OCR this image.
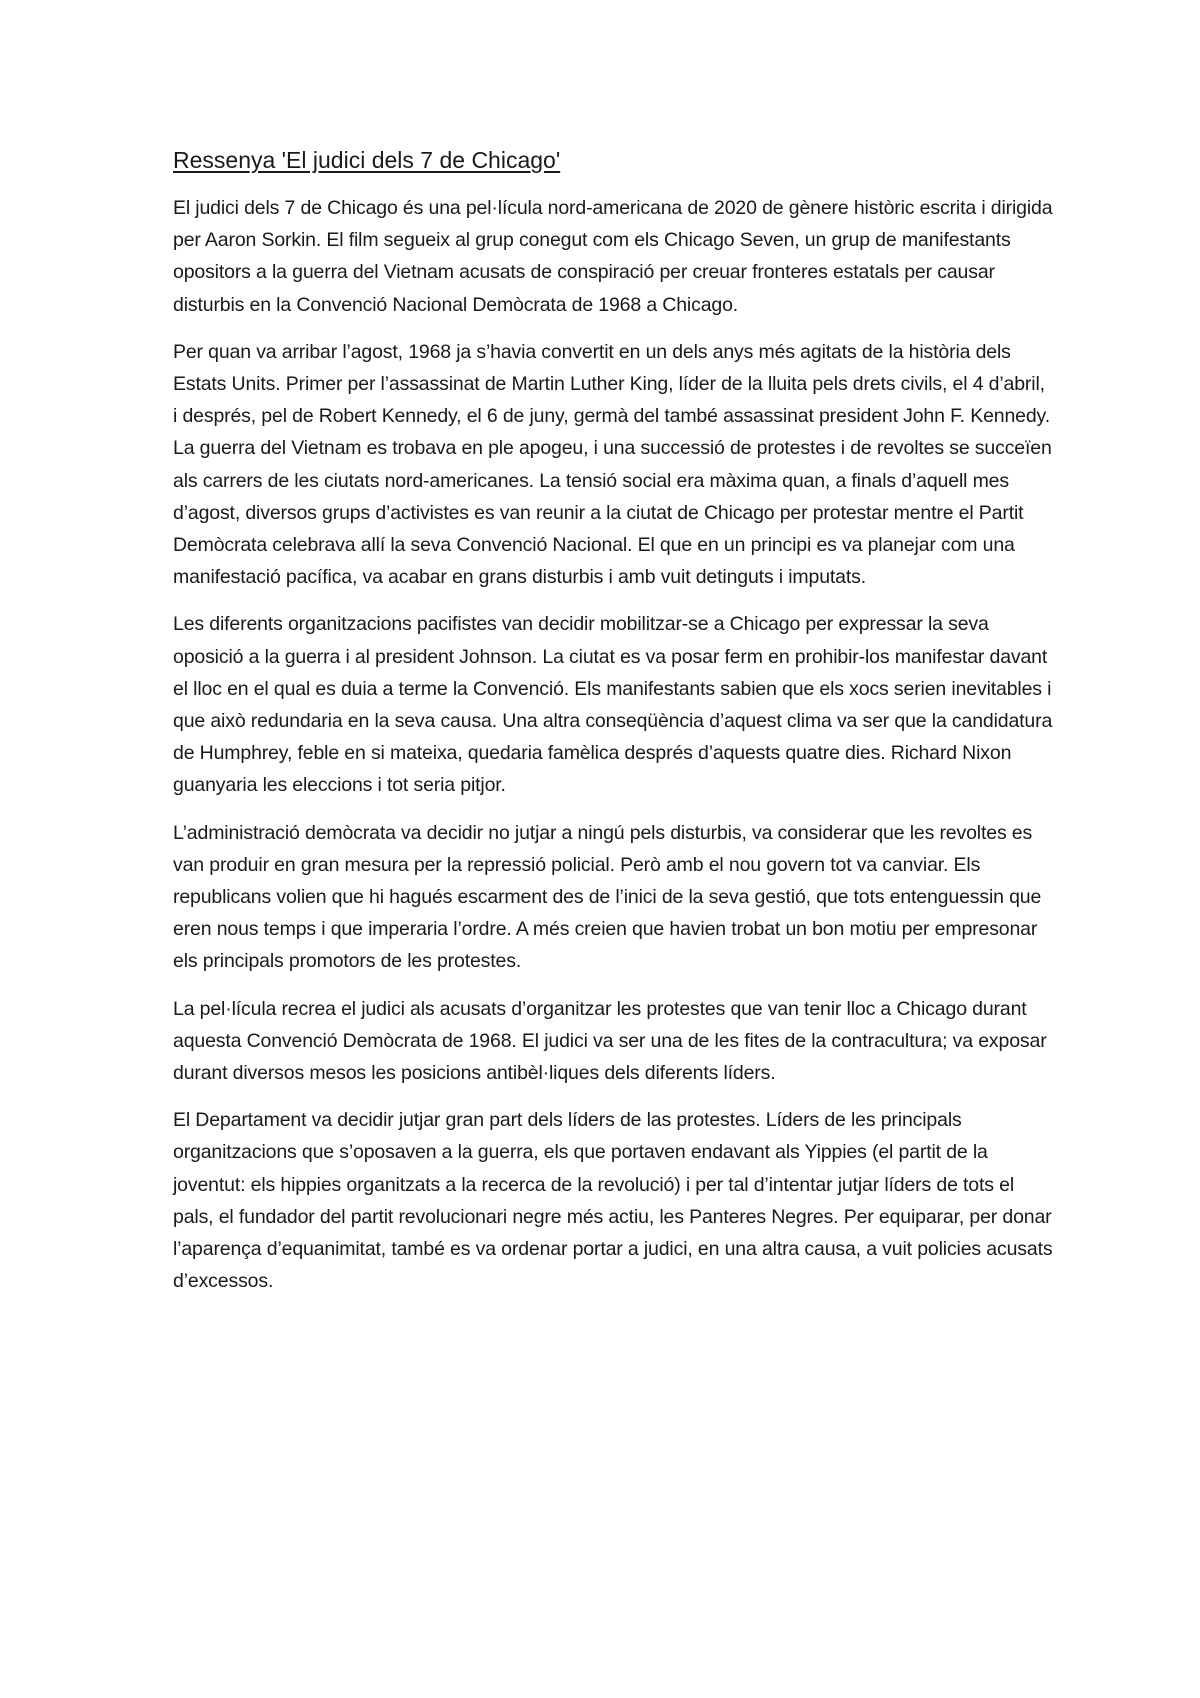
Ressenya 'El judici dels 7 de Chicago'

El judici dels 7 de Chicago és una pel·lícula nord-americana de 2020 de gènere històric escrita i dirigida per Aaron Sorkin. El film segueix al grup conegut com els Chicago Seven, un grup de manifestants opositors a la guerra del Vietnam acusats de conspiració per creuar fronteres estatals per causar disturbis en la Convenció Nacional Demòcrata de 1968 a Chicago.

Per quan va arribar l’agost, 1968 ja s’havia convertit en un dels anys més agitats de la història dels Estats Units. Primer per l’assassinat de Martin Luther King, líder de la lluita pels drets civils, el 4 d’abril, i després, pel de Robert Kennedy, el 6 de juny, germà del també assassinat president John F. Kennedy. La guerra del Vietnam es trobava en ple apogeu, i una successió de protestes i de revoltes se succeïen als carrers de les ciutats nord-americanes. La tensió social era màxima quan, a finals d’aquell mes d’agost, diversos grups d’activistes es van reunir a la ciutat de Chicago per protestar mentre el Partit Demòcrata celebrava allí la seva Convenció Nacional. El que en un principi es va planejar com una manifestació pacífica, va acabar en grans disturbis i amb vuit detinguts i imputats.

Les diferents organitzacions pacifistes van decidir mobilitzar-se a Chicago per expressar la seva oposició a la guerra i al president Johnson. La ciutat es va posar ferm en prohibir-los manifestar davant el lloc en el qual es duia a terme la Convenció. Els manifestants sabien que els xocs serien inevitables i que això redundaria en la seva causa. Una altra conseqüència d’aquest clima va ser que la candidatura de Humphrey, feble en si mateixa, quedaria famèlica després d’aquests quatre dies. Richard Nixon guanyaria les eleccions i tot seria pitjor.

L’administració demòcrata va decidir no jutjar a ningú pels disturbis, va considerar que les revoltes es van produir en gran mesura per la repressió policial. Però amb el nou govern tot va canviar. Els republicans volien que hi hagués escarment des de l’inici de la seva gestió, que tots entenguessin que eren nous temps i que imperaria l’ordre. A més creien que havien trobat un bon motiu per empresonar els principals promotors de les protestes.

La pel·lícula recrea el judici als acusats d’organitzar les protestes que van tenir lloc a Chicago durant aquesta Convenció Demòcrata de 1968. El judici va ser una de les fites de la contracultura; va exposar durant diversos mesos les posicions antibèl·liques dels diferents líders.

El Departament va decidir jutjar gran part dels líders de las protestes. Líders de les principals organitzacions que s’oposaven a la guerra, els que portaven endavant als Yippies (el partit de la joventut: els hippies organitzats a la recerca de la revolució) i per tal d’intentar jutjar líders de tots el pals, el fundador del partit revolucionari negre més actiu, les Panteres Negres. Per equiparar, per donar l’aparença d’equanimitat, també es va ordenar portar a judici, en una altra causa, a vuit policies acusats d’excessos.
